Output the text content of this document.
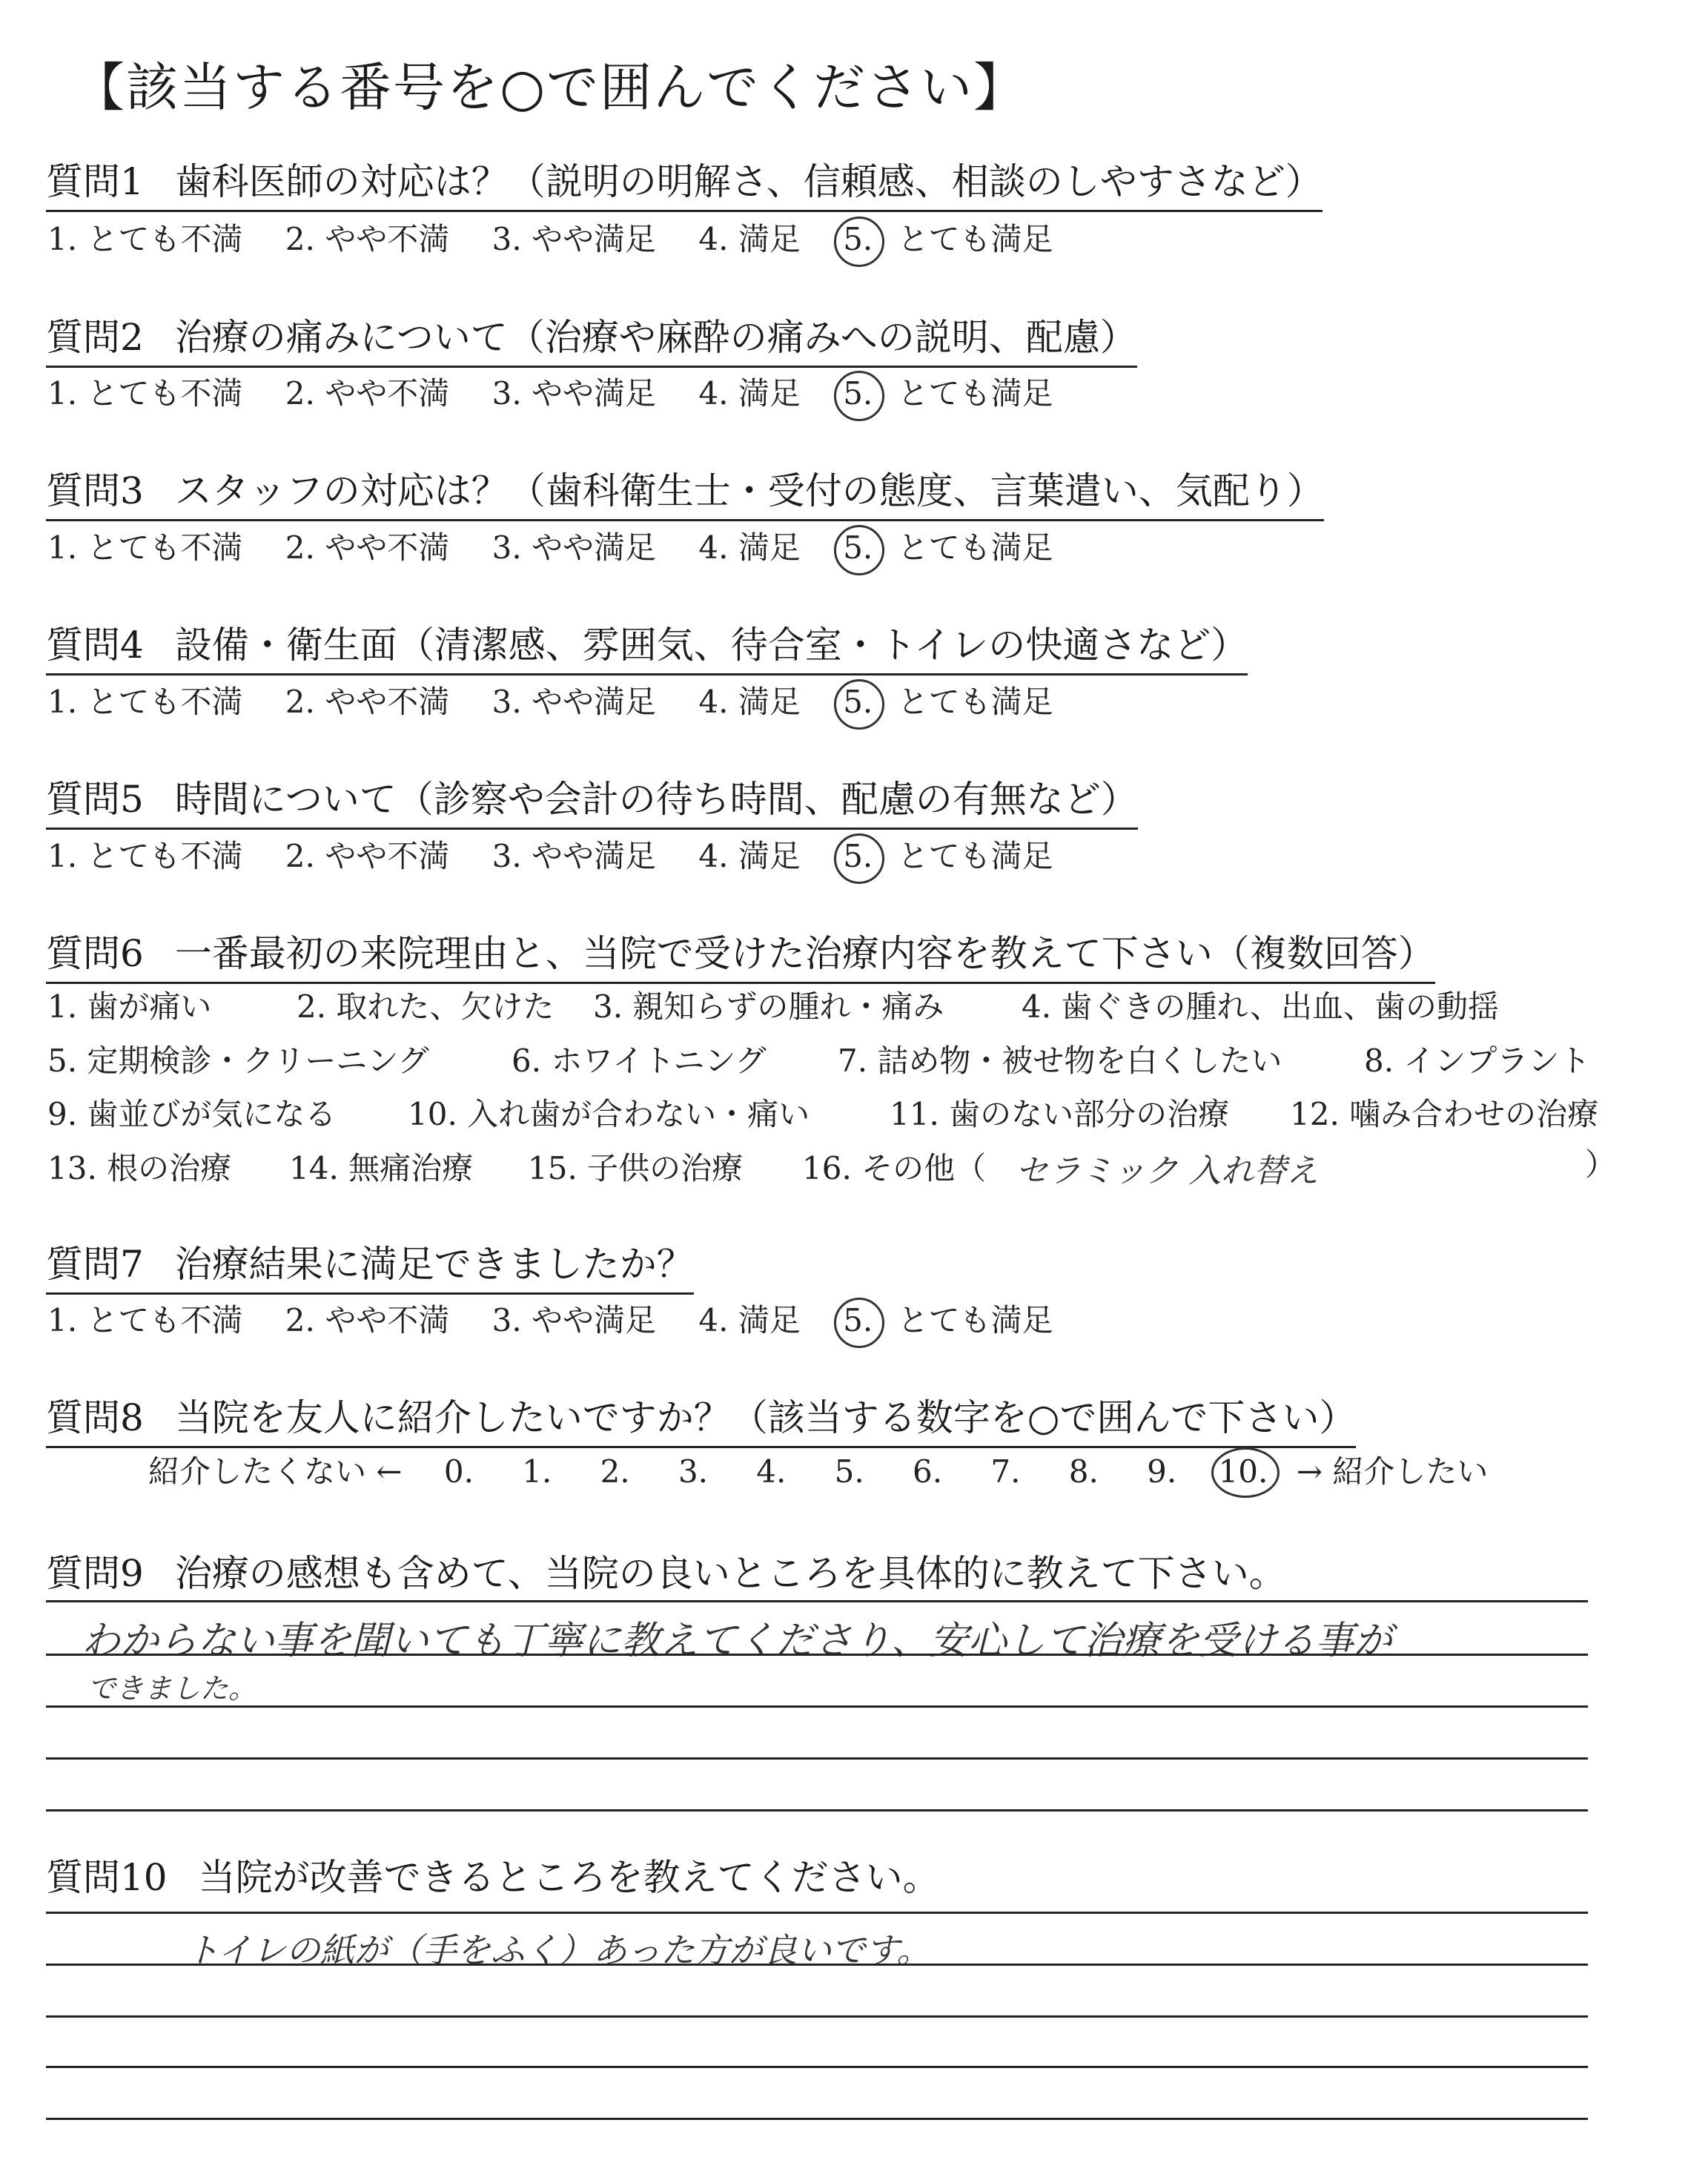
【該当する番号を○で囲んでください】
質問1 歯科医師の対応は？（説明の明解さ、信頼感、相談のしやすさなど）
1. とても不満 2. やや不満 3. やや満足 4. 満足 5. とても満足
質問2 治療の痛みについて（治療や麻酔の痛みへの説明、配慮）
1. とても不満 2. やや不満 3. やや満足 4. 満足 5. とても満足
質問3 スタッフの対応は？（歯科衛生士・受付の態度、言葉遣い、気配り）
1. とても不満 2. やや不満 3. やや満足 4. 満足 5. とても満足
質問4 設備・衛生面（清潔感、雰囲気、待合室・トイレの快適さなど）
1. とても不満 2. やや不満 3. やや満足 4. 満足 5. とても満足
質問5 時間について（診察や会計の待ち時間、配慮の有無など）
1. とても不満 2. やや不満 3. やや満足 4. 満足 5. とても満足
質問6 一番最初の来院理由と、当院で受けた治療内容を教えて下さい（複数回答）
1. 歯が痛い	2. 取れた、欠けた 3. 親知らずの腫れ・痛み 4. 歯ぐきの腫れ、出血、歯の動揺
5. 定期検診・クリーニング	6. ホワイトニング 7. 詰め物・被せ物を白くしたい	8. インプラント
9. 歯並びが気になる 10. 入れ歯が合わない・痛い	11. 歯のない部分の治療 12. 噛み合わせの治療
13. 根の治療 14. 無痛治療 15. 子供の治療 16. その他（ セラミック 入れ替え	）
質問7 治療結果に満足できましたか？
1. とても不満 2. やや不満 3. やや満足 4. 満足 5. とても満足
質問8 当院を友人に紹介したいですか？（該当する数字を○で囲んで下さい）
紹介したくない ← 0. 1. 2. 3. 4. 5. 6. 7. 8. 9. 10. → 紹介したい
質問9 治療の感想も含めて、当院の良いところを具体的に教えて下さい。
わからない事を聞いても丁寧に教えてくださり、安心して治療を受ける事が
できました。
質問10 当院が改善できるところを教えてください。
トイレの紙が（手をふく）あった方が良いです。
